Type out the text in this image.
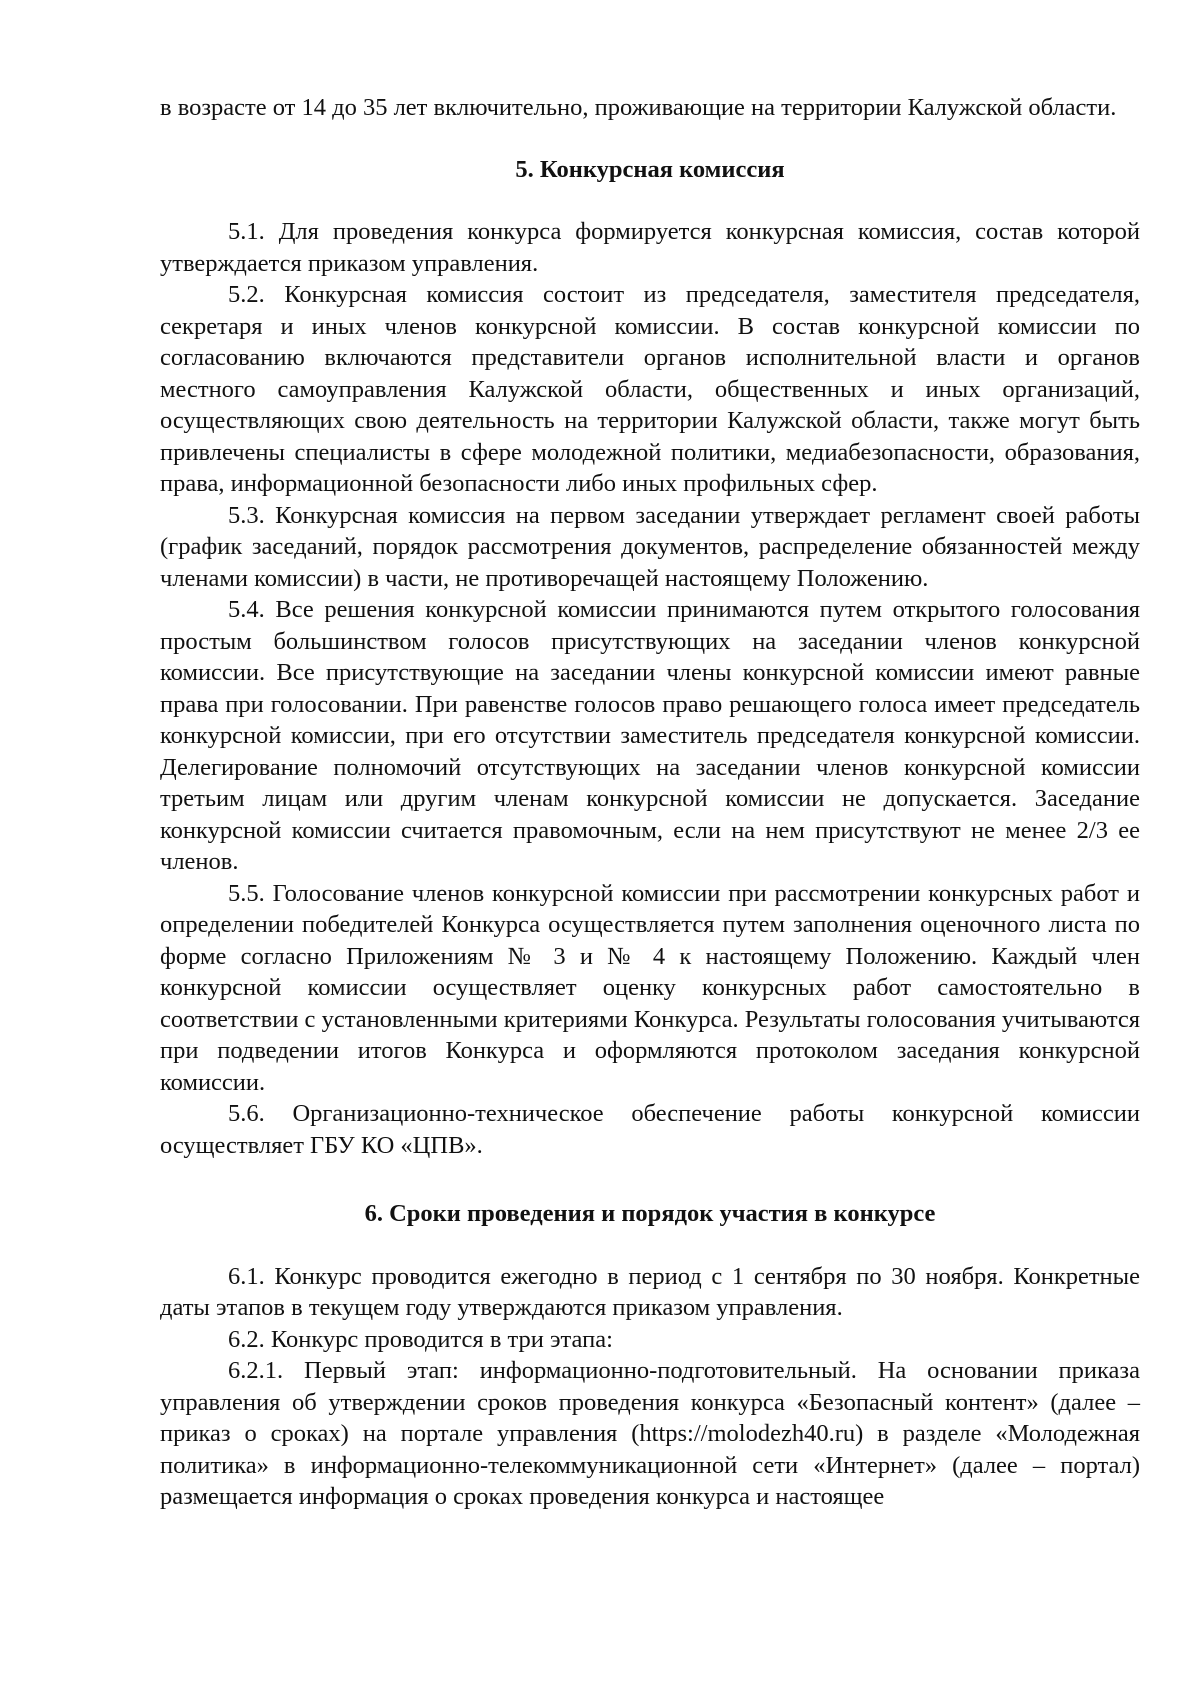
в возрасте от 14 до 35 лет включительно, проживающие на территории Калужской области.

5. Конкурсная комиссия

5.1. Для проведения конкурса формируется конкурсная комиссия, состав которой утверждается приказом управления.

5.2. Конкурсная комиссия состоит из председателя, заместителя председателя, секретаря и иных членов конкурсной комиссии. В состав конкурсной комиссии по согласованию включаются представители органов исполнительной власти и органов местного самоуправления Калужской области, общественных и иных организаций, осуществляющих свою деятельность на территории Калужской области, также могут быть привлечены специалисты в сфере молодежной политики, медиабезопасности, образования, права, информационной безопасности либо иных профильных сфер.

5.3. Конкурсная комиссия на первом заседании утверждает регламент своей работы (график заседаний, порядок рассмотрения документов, распределение обязанностей между членами комиссии) в части, не противоречащей настоящему Положению.

5.4. Все решения конкурсной комиссии принимаются путем открытого голосования простым большинством голосов присутствующих на заседании членов конкурсной комиссии. Все присутствующие на заседании члены конкурсной комиссии имеют равные права при голосовании. При равенстве голосов право решающего голоса имеет председатель конкурсной комиссии, при его отсутствии заместитель председателя конкурсной комиссии. Делегирование полномочий отсутствующих на заседании членов конкурсной комиссии третьим лицам или другим членам конкурсной комиссии не допускается. Заседание конкурсной комиссии считается правомочным, если на нем присутствуют не менее 2/3 ее членов.

5.5. Голосование членов конкурсной комиссии при рассмотрении конкурсных работ и определении победителей Конкурса осуществляется путем заполнения оценочного листа по форме согласно Приложениям № 3 и № 4 к настоящему Положению. Каждый член конкурсной комиссии осуществляет оценку конкурсных работ самостоятельно в соответствии с установленными критериями Конкурса. Результаты голосования учитываются при подведении итогов Конкурса и оформляются протоколом заседания конкурсной комиссии.

5.6. Организационно-техническое обеспечение работы конкурсной комиссии осуществляет ГБУ КО «ЦПВ».

6. Сроки проведения и порядок участия в конкурсе

6.1. Конкурс проводится ежегодно в период с 1 сентября по 30 ноября. Конкретные даты этапов в текущем году утверждаются приказом управления.

6.2. Конкурс проводится в три этапа:

6.2.1. Первый этап: информационно-подготовительный. На основании приказа управления об утверждении сроков проведения конкурса «Безопасный контент» (далее – приказ о сроках) на портале управления (https://molodezh40.ru) в разделе «Молодежная политика» в информационно-телекоммуникационной сети «Интернет» (далее – портал) размещается информация о сроках проведения конкурса и настоящее
